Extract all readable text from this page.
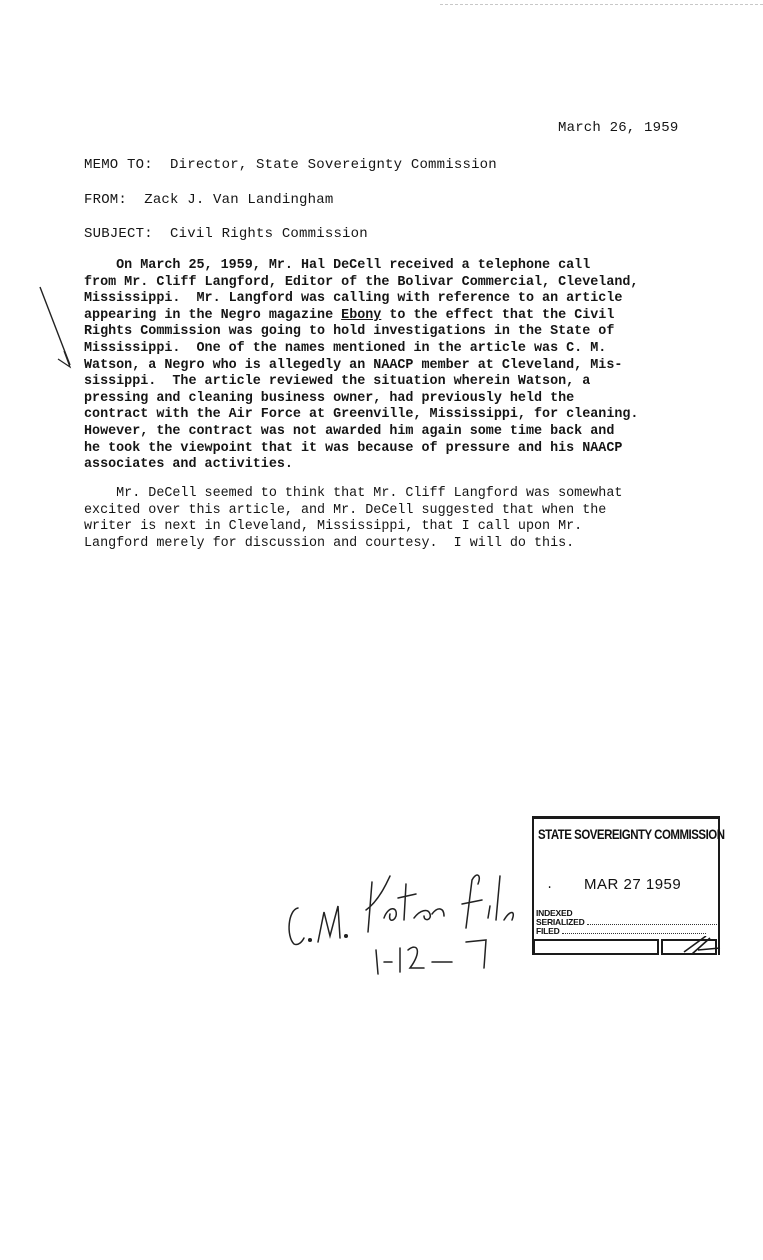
March 26, 1959
MEMO TO: Director, State Sovereignty Commission
FROM: Zack J. Van Landingham
SUBJECT: Civil Rights Commission
On March 25, 1959, Mr. Hal DeCell received a telephone call
from Mr. Cliff Langford, Editor of the Bolivar Commercial, Cleveland,
Mississippi.  Mr. Langford was calling with reference to an article
appearing in the Negro magazine Ebony to the effect that the Civil
Rights Commission was going to hold investigations in the State of
Mississippi.  One of the names mentioned in the article was C. M.
Watson, a Negro who is allegedly an NAACP member at Cleveland, Mis-
sissippi.  The article reviewed the situation wherein Watson, a
pressing and cleaning business owner, had previously held the
contract with the Air Force at Greenville, Mississippi, for cleaning.
However, the contract was not awarded him again some time back and
he took the viewpoint that it was because of pressure and his NAACP
associates and activities.
Mr. DeCell seemed to think that Mr. Cliff Langford was somewhat
excited over this article, and Mr. DeCell suggested that when the
writer is next in Cleveland, Mississippi, that I call upon Mr.
Langford merely for discussion and courtesy.  I will do this.
STATE SOVEREIGNTY COMMISSION
. MAR 27 1959
INDEXED
SERIALIZED
FILED
